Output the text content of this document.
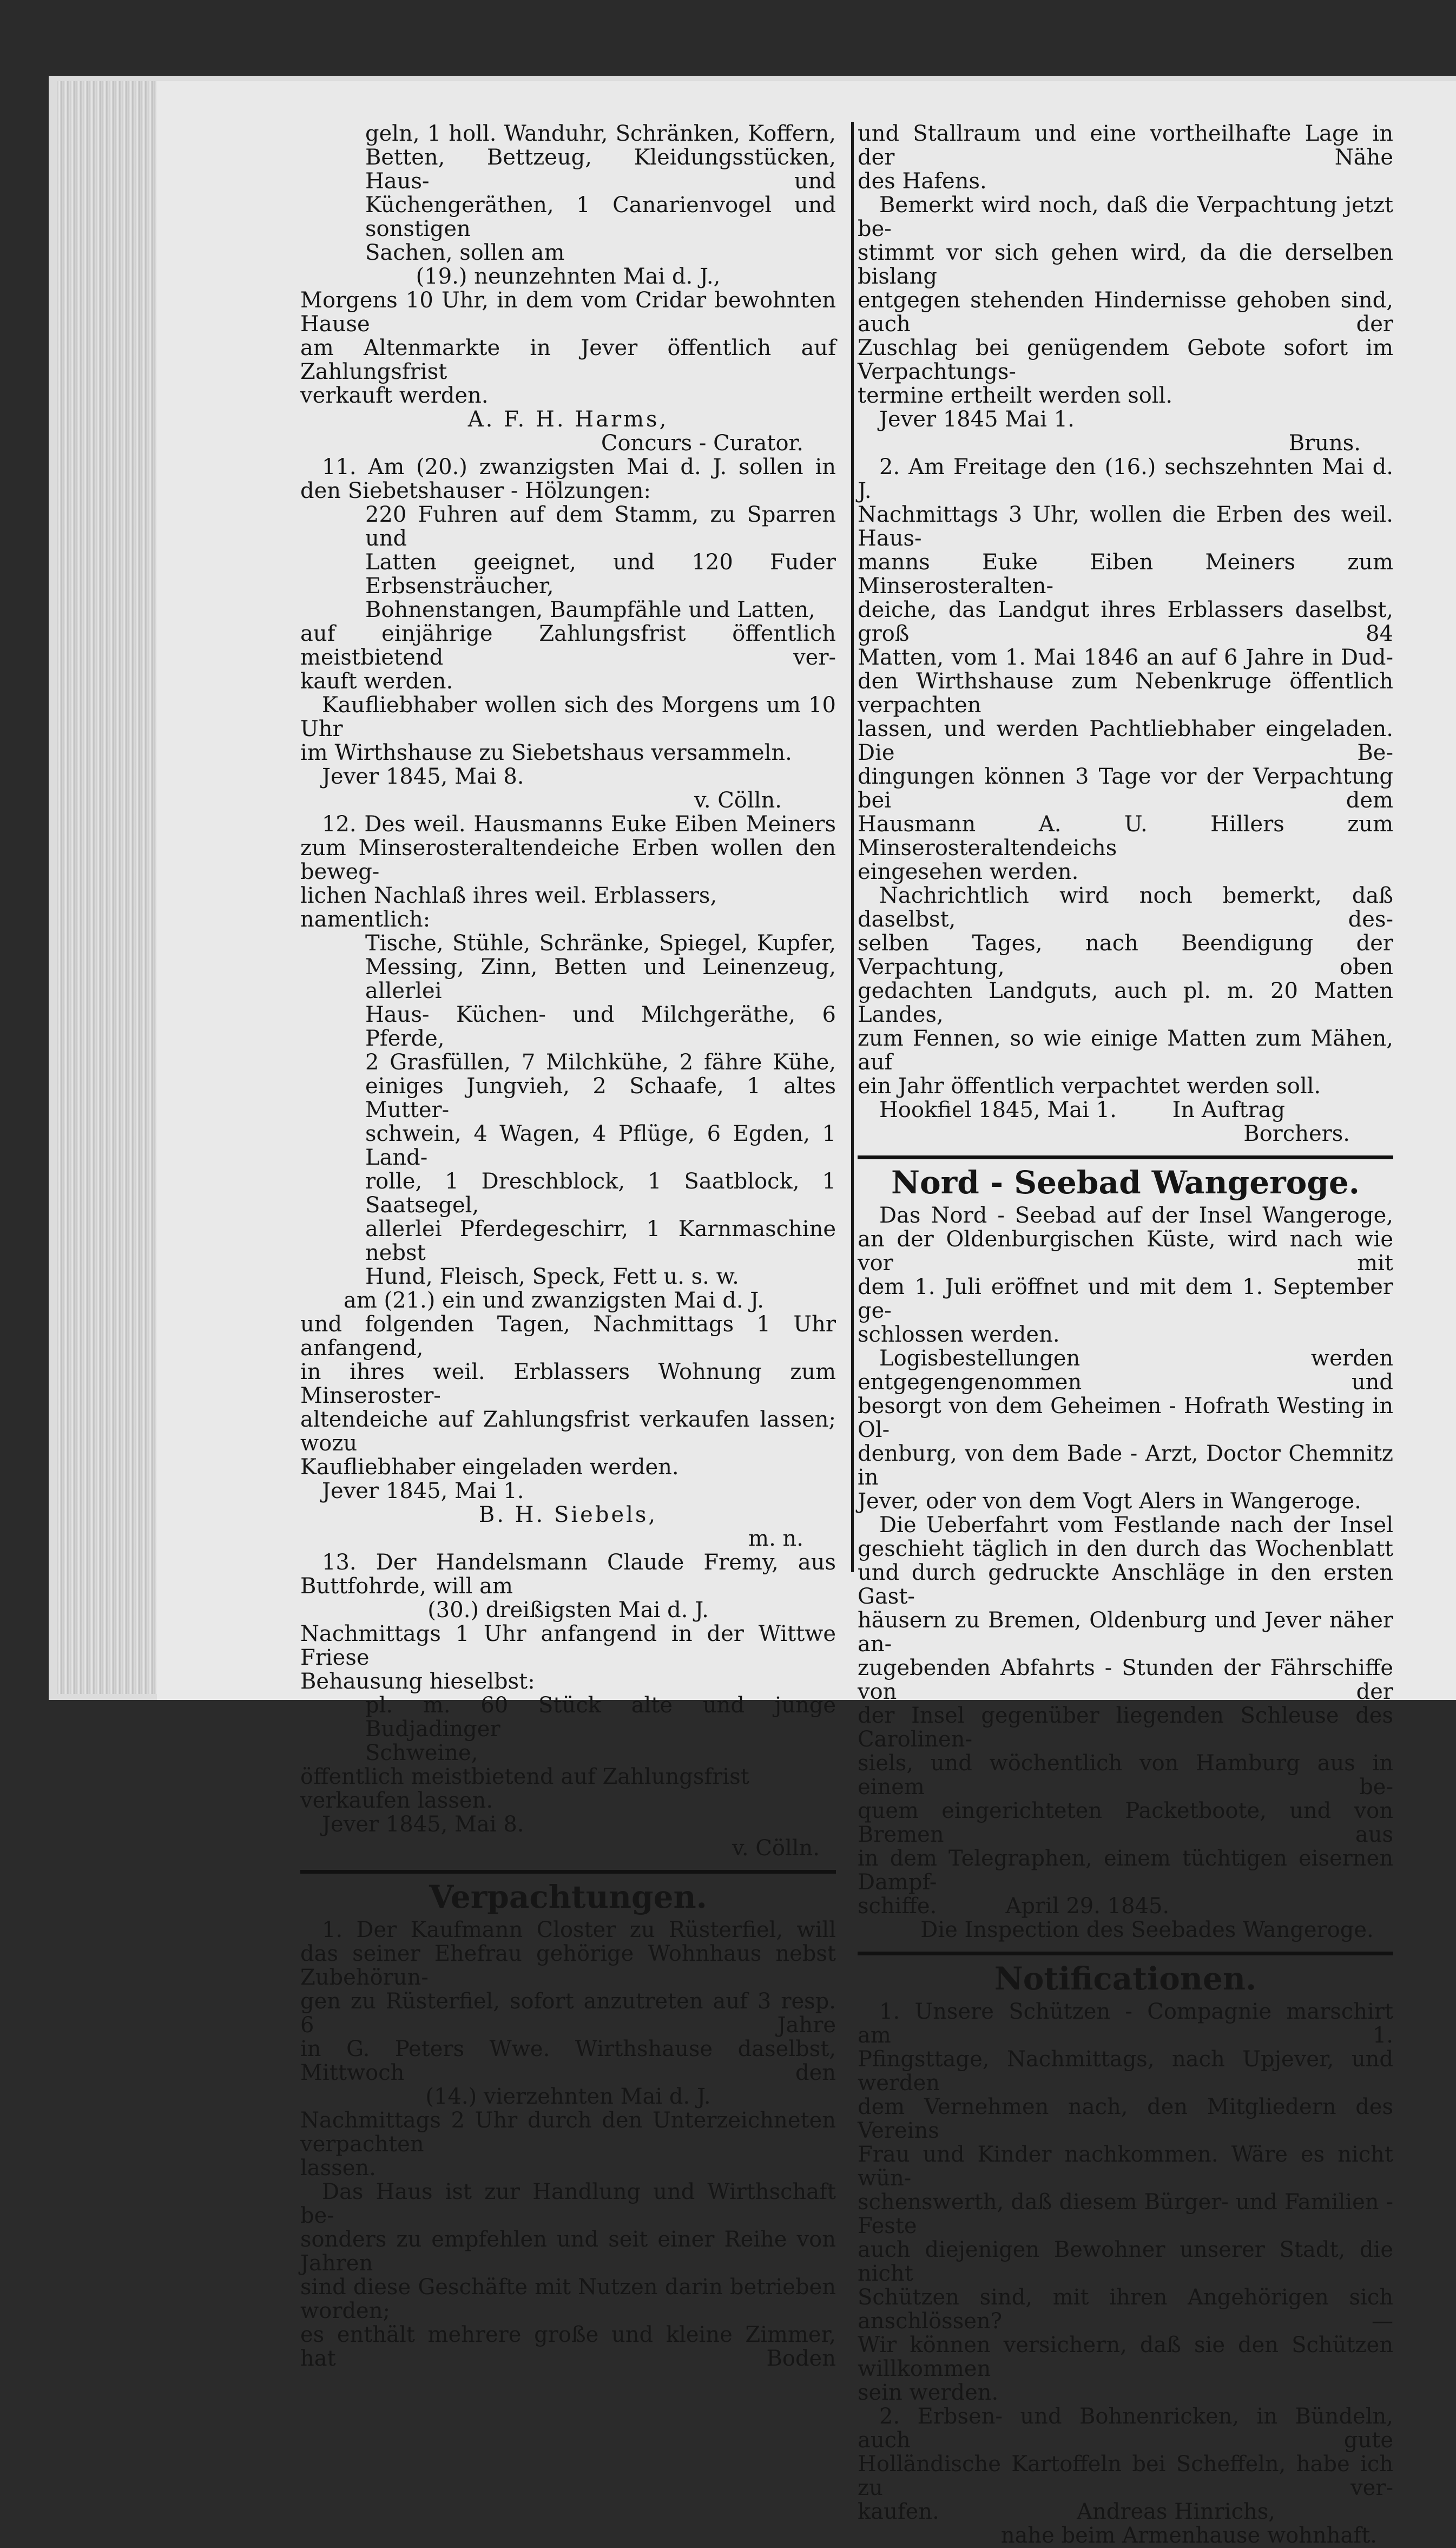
geln, 1 holl. Wanduhr, Schränken, Koffern,

Betten, Bettzeug, Kleidungsstücken, Haus- und

Küchengeräthen, 1 Canarienvogel und sonstigen

Sachen, sollen am

(19.) neunzehnten Mai d. J.,

Morgens 10 Uhr, in dem vom Cridar bewohnten Hause

am Altenmarkte in Jever öffentlich auf Zahlungsfrist

verkauft werden.

A. F. H. Harms,

Concurs - Curator.

11. Am (20.) zwanzigsten Mai d. J. sollen in

den Siebetshauser - Hölzungen:

220 Fuhren auf dem Stamm, zu Sparren und

Latten geeignet, und 120 Fuder Erbsensträucher,

Bohnenstangen, Baumpfähle und Latten,

auf einjährige Zahlungsfrist öffentlich meistbietend ver-

kauft werden.

Kaufliebhaber wollen sich des Morgens um 10 Uhr

im Wirthshause zu Siebetshaus versammeln.

Jever 1845, Mai 8.

v. Cölln.

12. Des weil. Hausmanns Euke Eiben Meiners

zum Minserosteraltendeiche Erben wollen den beweg-

lichen Nachlaß ihres weil. Erblassers, namentlich:

Tische, Stühle, Schränke, Spiegel, Kupfer,

Messing, Zinn, Betten und Leinenzeug, allerlei

Haus- Küchen- und Milchgeräthe, 6 Pferde,

2 Grasfüllen, 7 Milchkühe, 2 fähre Kühe,

einiges Jungvieh, 2 Schaafe, 1 altes Mutter-

schwein, 4 Wagen, 4 Pflüge, 6 Egden, 1 Land-

rolle, 1 Dreschblock, 1 Saatblock, 1 Saatsegel,

allerlei Pferdegeschirr, 1 Karnmaschine nebst

Hund, Fleisch, Speck, Fett u. s. w.

am (21.) ein und zwanzigsten Mai d. J.

und folgenden Tagen, Nachmittags 1 Uhr anfangend,

in ihres weil. Erblassers Wohnung zum Minseroster-

altendeiche auf Zahlungsfrist verkaufen lassen; wozu

Kaufliebhaber eingeladen werden.

Jever 1845, Mai 1.

B. H. Siebels,

m. n.

13. Der Handelsmann Claude Fremy, aus

Buttfohrde, will am

(30.) dreißigsten Mai d. J.

Nachmittags 1 Uhr anfangend in der Wittwe Friese

Behausung hieselbst:

pl. m. 60 Stück alte und junge Budjadinger

Schweine,

öffentlich meistbietend auf Zahlungsfrist verkaufen lassen.

Jever 1845, Mai 8.

v. Cölln.

Verpachtungen.

1. Der Kaufmann Closter zu Rüsterfiel, will

das seiner Ehefrau gehörige Wohnhaus nebst Zubehörun-

gen zu Rüsterfiel, sofort anzutreten auf 3 resp. 6 Jahre

in G. Peters Wwe. Wirthshause daselbst, Mittwoch den

(14.) vierzehnten Mai d. J.

Nachmittags 2 Uhr durch den Unterzeichneten verpachten

lassen.

Das Haus ist zur Handlung und Wirthschaft be-

sonders zu empfehlen und seit einer Reihe von Jahren

sind diese Geschäfte mit Nutzen darin betrieben worden;

es enthält mehrere große und kleine Zimmer, hat Boden

und Stallraum und eine vortheilhafte Lage in der Nähe

des Hafens.

Bemerkt wird noch, daß die Verpachtung jetzt be-

stimmt vor sich gehen wird, da die derselben bislang

entgegen stehenden Hindernisse gehoben sind, auch der

Zuschlag bei genügendem Gebote sofort im Verpachtungs-

termine ertheilt werden soll.

Jever 1845 Mai 1.

Bruns.

2. Am Freitage den (16.) sechszehnten Mai d. J.

Nachmittags 3 Uhr, wollen die Erben des weil. Haus-

manns Euke Eiben Meiners zum Minserosteralten-

deiche, das Landgut ihres Erblassers daselbst, groß 84

Matten, vom 1. Mai 1846 an auf 6 Jahre in Dud-

den Wirthshause zum Nebenkruge öffentlich verpachten

lassen, und werden Pachtliebhaber eingeladen. Die Be-

dingungen können 3 Tage vor der Verpachtung bei dem

Hausmann A. U. Hillers zum Minserosteraltendeichs

eingesehen werden.

Nachrichtlich wird noch bemerkt, daß daselbst, des-

selben Tages, nach Beendigung der Verpachtung, oben

gedachten Landguts, auch pl. m. 20 Matten Landes,

zum Fennen, so wie einige Matten zum Mähen, auf

ein Jahr öffentlich verpachtet werden soll.

Hookfiel 1845, Mai 1.	In Auftrag

Borchers.

Nord - Seebad Wangeroge.

Das Nord - Seebad auf der Insel Wangeroge,

an der Oldenburgischen Küste, wird nach wie vor mit

dem 1. Juli eröffnet und mit dem 1. September ge-

schlossen werden.

Logisbestellungen werden entgegengenommen und

besorgt von dem Geheimen - Hofrath Westing in Ol-

denburg, von dem Bade - Arzt, Doctor Chemnitz in

Jever, oder von dem Vogt Alers in Wangeroge.

Die Ueberfahrt vom Festlande nach der Insel

geschieht täglich in den durch das Wochenblatt

und durch gedruckte Anschläge in den ersten Gast-

häusern zu Bremen, Oldenburg und Jever näher an-

zugebenden Abfahrts - Stunden der Fährschiffe von der

der Insel gegenüber liegenden Schleuse des Carolinen-

siels, und wöchentlich von Hamburg aus in einem be-

quem eingerichteten Packetboote, und von Bremen aus

in dem Telegraphen, einem tüchtigen eisernen Dampf-

schiffe.          April 29. 1845.

Die Inspection des Seebades Wangeroge.

Notificationen.

1. Unsere Schützen - Compagnie marschirt am 1.

Pfingsttage, Nachmittags, nach Upjever, und werden

dem Vernehmen nach, den Mitgliedern des Vereins

Frau und Kinder nachkommen. Wäre es nicht wün-

schenswerth, daß diesem Bürger- und Familien - Feste

auch diejenigen Bewohner unserer Stadt, die nicht

Schützen sind, mit ihren Angehörigen sich anschlössen? —

Wir können versichern, daß sie den Schützen willkommen

sein werden.

2. Erbsen- und Bohnenricken, in Bündeln, auch gute

Holländische Kartoffeln bei Scheffeln, habe ich zu ver-

kaufen.                    Andreas Hinrichs,

nahe beim Armenhause wohnhaft.
